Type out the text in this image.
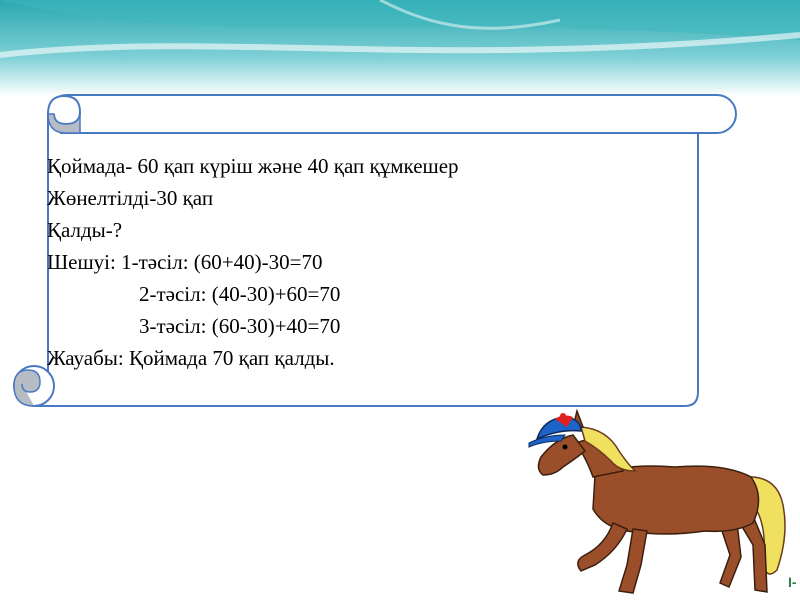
Қоймада- 60 қап күріш және 40 қап құмкешер
Жөнелтілді-30 қап
Қалды-?
Шешуі: 1-тәсіл: (60+40)-30=70
2-тәсіл: (40-30)+60=70
3-тәсіл: (60-30)+40=70
Жауабы: Қоймада 70 қап қалды.
I-
